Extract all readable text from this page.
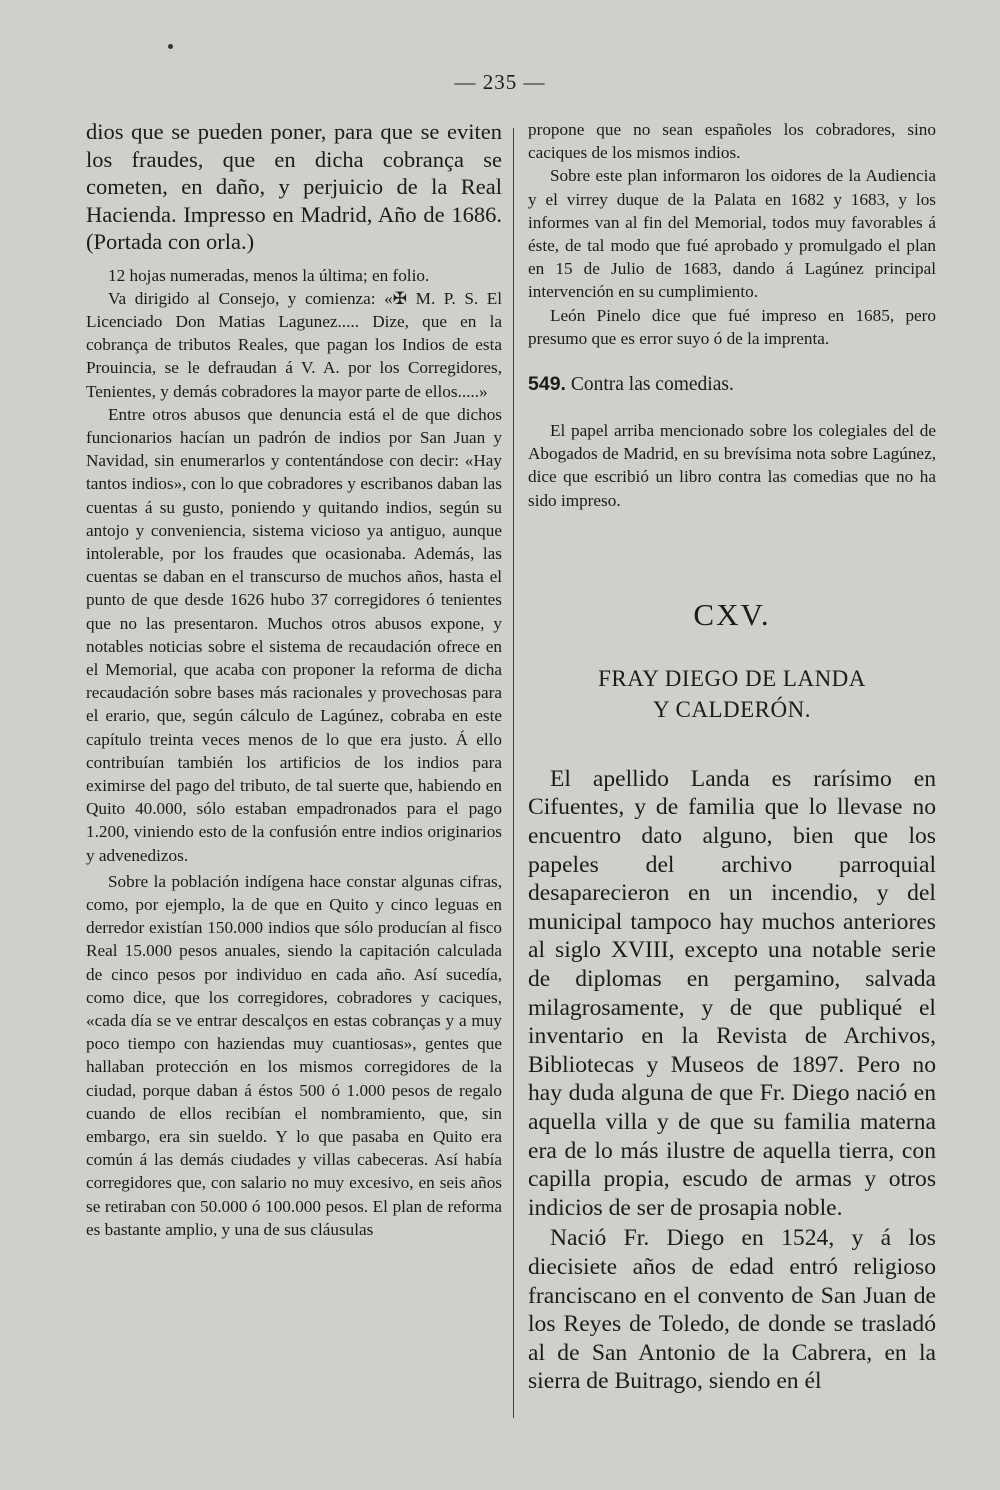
— 235 —

dios que se pueden poner, para que se eviten los fraudes, que en dicha cobrança se cometen, en daño, y perjuicio de la Real Hacienda. Impresso en Madrid, Año de 1686. (Portada con orla.)

12 hojas numeradas, menos la última; en folio.

Va dirigido al Consejo, y comienza: «✠ M. P. S. El Licenciado Don Matias Lagunez..... Dize, que en la cobrança de tributos Reales, que pagan los Indios de esta Prouincia, se le defraudan á V. A. por los Corregidores, Tenientes, y demás cobradores la mayor parte de ellos.....»

Entre otros abusos que denuncia está el de que dichos funcionarios hacían un padrón de indios por San Juan y Navidad, sin enumerarlos y contentándose con decir: «Hay tantos indios», con lo que cobradores y escribanos daban las cuentas á su gusto, poniendo y quitando indios, según su antojo y conveniencia, sistema vicioso ya antiguo, aunque intolerable, por los fraudes que ocasionaba. Además, las cuentas se daban en el transcurso de muchos años, hasta el punto de que desde 1626 hubo 37 corregidores ó tenientes que no las presentaron. Muchos otros abusos expone, y notables noticias sobre el sistema de recaudación ofrece en el Memorial, que acaba con proponer la reforma de dicha recaudación sobre bases más racionales y provechosas para el erario, que, según cálculo de Lagúnez, cobraba en este capítulo treinta veces menos de lo que era justo. Á ello contribuían también los artificios de los indios para eximirse del pago del tributo, de tal suerte que, habiendo en Quito 40.000, sólo estaban empadronados para el pago 1.200, viniendo esto de la confusión entre indios originarios y advenedizos.

Sobre la población indígena hace constar algunas cifras, como, por ejemplo, la de que en Quito y cinco leguas en derredor existían 150.000 indios que sólo producían al fisco Real 15.000 pesos anuales, siendo la capitación calculada de cinco pesos por individuo en cada año. Así sucedía, como dice, que los corregidores, cobradores y caciques, «cada día se ve entrar descalços en estas cobranças y a muy poco tiempo con haziendas muy cuantiosas», gentes que hallaban protección en los mismos corregidores de la ciudad, porque daban á éstos 500 ó 1.000 pesos de regalo cuando de ellos recibían el nombramiento, que, sin embargo, era sin sueldo. Y lo que pasaba en Quito era común á las demás ciudades y villas cabeceras. Así había corregidores que, con salario no muy excesivo, en seis años se retiraban con 50.000 ó 100.000 pesos. El plan de reforma es bastante amplio, y una de sus cláusulas

propone que no sean españoles los cobradores, sino caciques de los mismos indios.

Sobre este plan informaron los oidores de la Audiencia y el virrey duque de la Palata en 1682 y 1683, y los informes van al fin del Memorial, todos muy favorables á éste, de tal modo que fué aprobado y promulgado el plan en 15 de Julio de 1683, dando á Lagúnez principal intervención en su cumplimiento.

León Pinelo dice que fué impreso en 1685, pero presumo que es error suyo ó de la imprenta.

549. Contra las comedias.

El papel arriba mencionado sobre los colegiales del de Abogados de Madrid, en su brevísima nota sobre Lagúnez, dice que escribió un libro contra las comedias que no ha sido impreso.

CXV.
FRAY DIEGO DE LANDA
Y CALDERÓN.

El apellido Landa es rarísimo en Cifuentes, y de familia que lo llevase no encuentro dato alguno, bien que los papeles del archivo parroquial desaparecieron en un incendio, y del municipal tampoco hay muchos anteriores al siglo XVIII, excepto una notable serie de diplomas en pergamino, salvada milagrosamente, y de que publiqué el inventario en la Revista de Archivos, Bibliotecas y Museos de 1897. Pero no hay duda alguna de que Fr. Diego nació en aquella villa y de que su familia materna era de lo más ilustre de aquella tierra, con capilla propia, escudo de armas y otros indicios de ser de prosapia noble.

Nació Fr. Diego en 1524, y á los diecisiete años de edad entró religioso franciscano en el convento de San Juan de los Reyes de Toledo, de donde se trasladó al de San Antonio de la Cabrera, en la sierra de Buitrago, siendo en él
